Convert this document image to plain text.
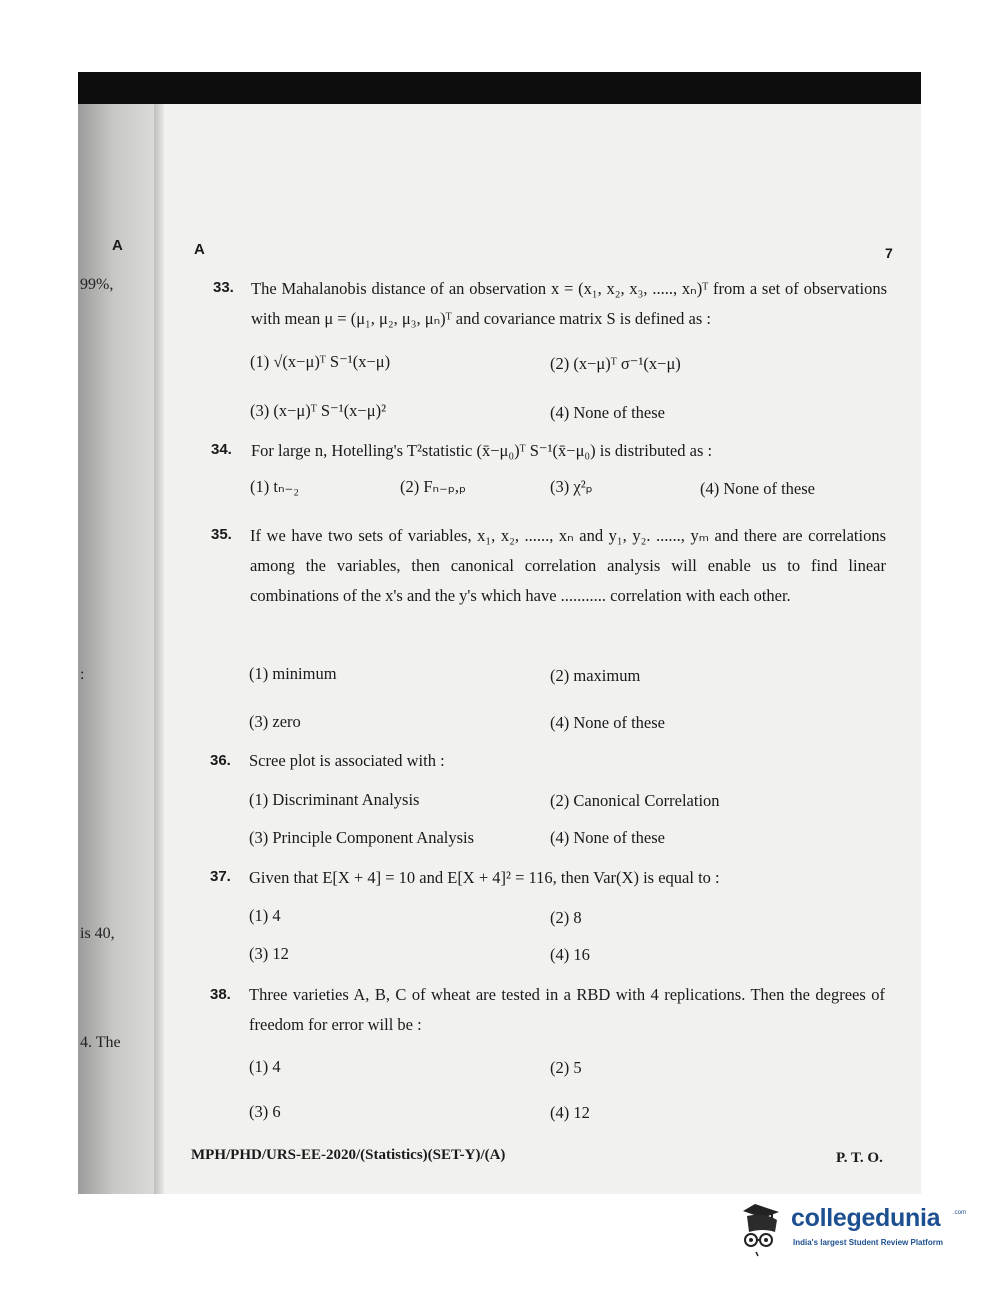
99%,
:
is 40,
4. The
A	A	7
33. The Mahalanobis distance of an observation x = (x₁, x₂, x₃, ....., xₙ)ᵀ from a set of observations with mean μ = (μ₁, μ₂, μ₃, μₙ)ᵀ and covariance matrix S is defined as :
(1) √(x−μ)ᵀ S⁻¹(x−μ)	(2) (x−μ)ᵀ σ⁻¹(x−μ)
(3) (x−μ)ᵀ S⁻¹(x−μ)²	(4) None of these
34. For large n, Hotelling's T²statistic (x̄−μ₀)ᵀ S⁻¹(x̄−μ₀) is distributed as :
(1) tₙ₋₂	(2) Fₙ₋ₚ,ₚ	(3) χ²ₚ	(4) None of these
35. If we have two sets of variables, x₁, x₂, ......, xₙ and y₁, y₂. ......, yₘ and there are correlations among the variables, then canonical correlation analysis will enable us to find linear combinations of the x's and the y's which have ........... correlation with each other.
(1) minimum	(2) maximum
(3) zero	(4) None of these
36. Scree plot is associated with :
(1) Discriminant Analysis	(2) Canonical Correlation
(3) Principle Component Analysis	(4) None of these
37. Given that E[X + 4] = 10 and E[X + 4]² = 116, then Var(X) is equal to :
(1) 4	(2) 8
(3) 12	(4) 16
38. Three varieties A, B, C of wheat are tested in a RBD with 4 replications. Then the degrees of freedom for error will be :
(1) 4	(2) 5
(3) 6	(4) 12
MPH/PHD/URS-EE-2020/(Statistics)(SET-Y)/(A)	P. T. O.
collegedunia .com
India's largest Student Review Platform
